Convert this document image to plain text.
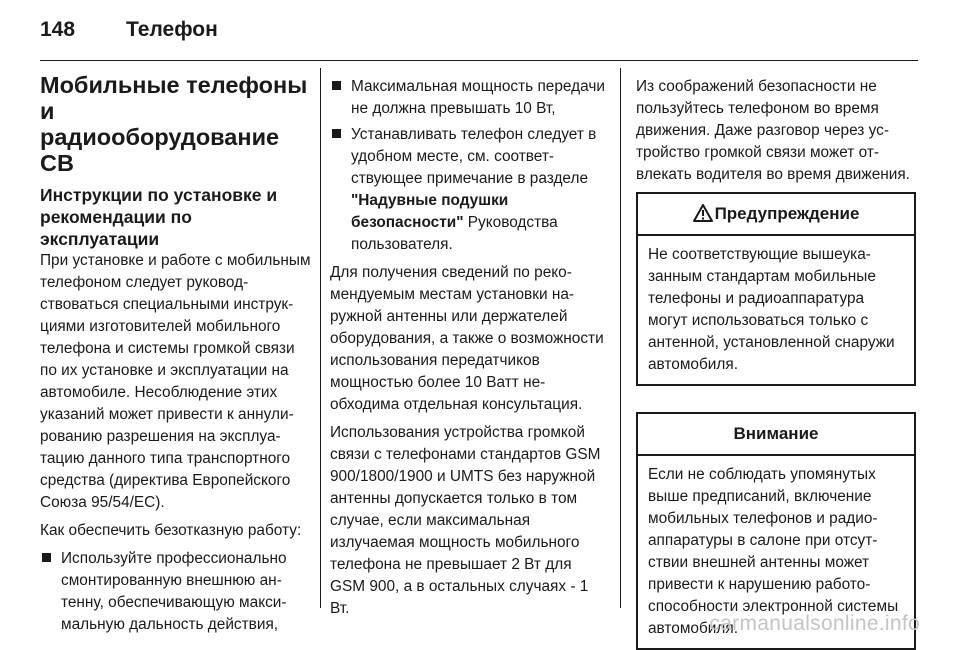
148 Телефон
Мобильные телефоны и
радиооборудование СВ
Инструкции по установке и
рекомендации по
эксплуатации

При установке и работе с мобильным телефоном следует руководствоваться специальными инструкциями изготовителей мобильного телефона и системы громкой связи по их установке и эксплуатации на автомобиле. Несоблюдение этих указаний может привести к аннулированию разрешения на эксплуатацию данного типа транспортного средства (директива Европейского Союза 95/54/EC).

Как обеспечить безотказную работу:

Используйте профессионально смонтированную внешнюю антенну, обеспечивающую максимальную дальность действия,
Максимальная мощность передачи не должна превышать 10 Вт,
Устанавливать телефон следует в удобном месте, см. соответствующее примечание в разделе "Надувные подушки безопасности" Руководства пользователя.

Для получения сведений по рекомендуемым местам установки наружной антенны или держателей оборудования, а также о возможности использования передатчиков мощностью более 10 Ватт необходима отдельная консультация.

Использования устройства громкой связи с телефонами стандартов GSM 900/1800/1900 и UMTS без наружной антенны допускается только в том случае, если максимальная излучаемая мощность мобильного телефона не превышает 2 Вт для GSM 900, а в остальных случаях - 1 Вт.

Из соображений безопасности не пользуйтесь телефоном во время движения. Даже разговор через устройство громкой связи может отвлекать водителя во время движения.

Предупреждение
Не соответствующие вышеуказанным стандартам мобильные телефоны и радиоаппаратура могут использоваться только с антенной, установленной снаружи автомобиля.
Внимание
Если не соблюдать упомянутых выше предписаний, включение мобильных телефонов и радиоаппаратуры в салоне при отсутствии внешней антенны может привести к нарушению работоспособности электронной системы автомобиля.
carmanualsonline.info
